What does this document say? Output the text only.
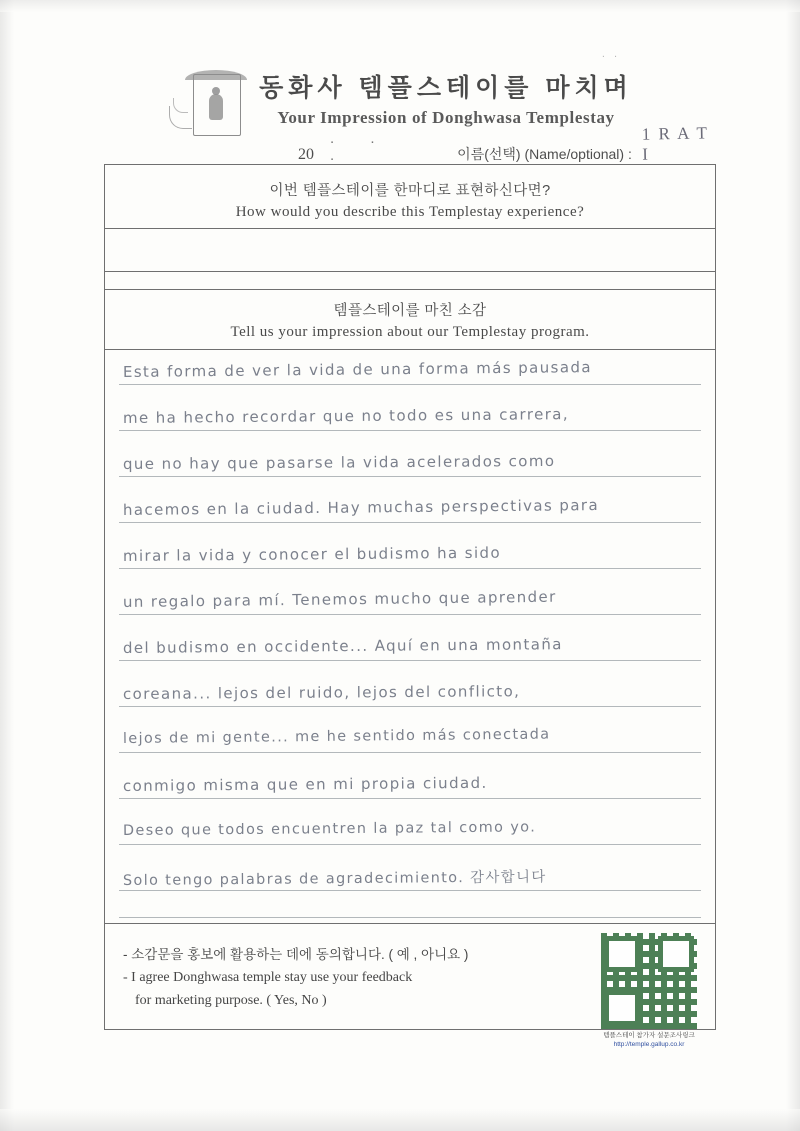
. .
동화사 템플스테이를 마치며
Your Impression of Donghwasa Templestay
20
. . .	이름(선택) (Name/optional) :
1 R A T I
이번 템플스테이를 한마디로 표현하신다면?
How would you describe this Templestay experience?
템플스테이를 마친 소감
Tell us your impression about our Templestay program.
Esta forma de ver la vida de una forma más pausada
me ha hecho recordar que no todo es una carrera,
que no hay que pasarse la vida acelerados como
hacemos en la ciudad. Hay muchas perspectivas para
mirar la vida y conocer el budismo ha sido
un regalo para mí. Tenemos mucho que aprender
del budismo en occidente... Aquí en una montaña
coreana... lejos del ruido, lejos del conflicto,
lejos de mi gente... me he sentido más conectada
conmigo misma que en mi propia ciudad.
Deseo que todos encuentren la paz tal como yo.
Solo tengo palabras de agradecimiento. 감사합니다
- 소감문을 홍보에 활용하는 데에 동의합니다. ( 예 , 아니요 )
- I agree Donghwasa temple stay use your feedback
for marketing purpose. ( Yes, No )
템플스테이 참가자 설문조사링크
http://temple.gallup.co.kr
